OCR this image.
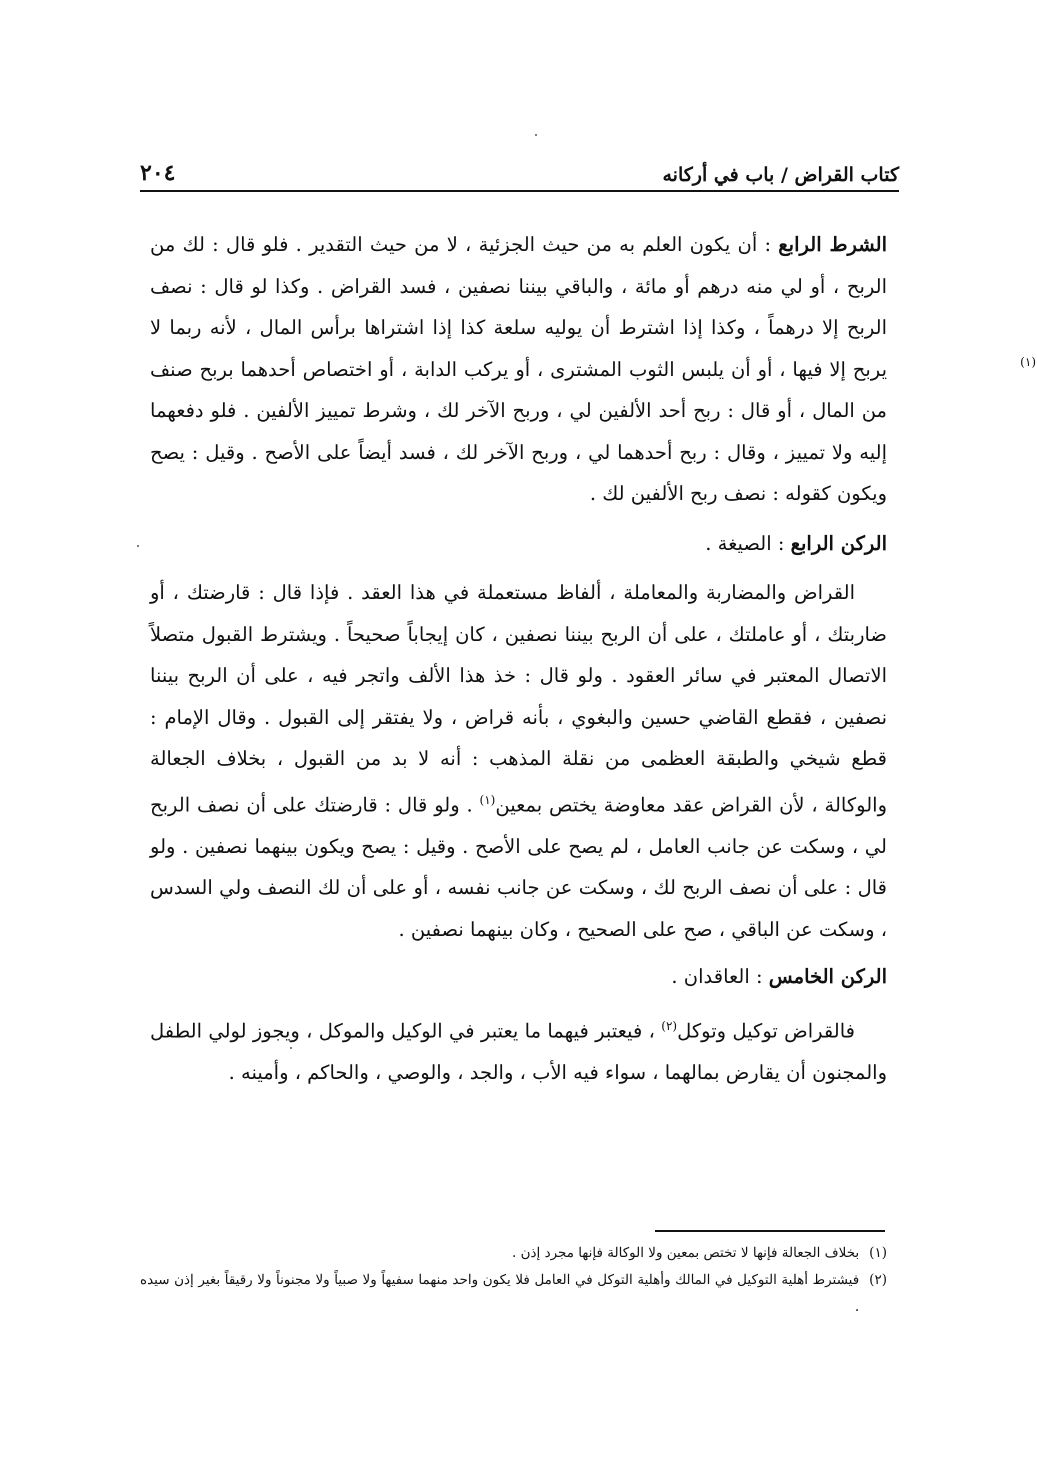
كتاب القراض / باب في أركانه
٢٠٤
(١)

الشرط الرابع : أن يكون العلم به من حيث الجزئية ، لا من حيث التقدير . فلو قال : لك من الربح ، أو لي منه درهم أو مائة ، والباقي بيننا نصفين ، فسد القراض . وكذا لو قال : نصف الربح إلا درهماً ، وكذا إذا اشترط أن يوليه سلعة كذا إذا اشتراها برأس المال ، لأنه ربما لا يربح إلا فيها ، أو أن يلبس الثوب المشترى ، أو يركب الدابة ، أو اختصاص أحدهما بربح صنف من المال ، أو قال : ربح أحد الألفين لي ، وربح الآخر لك ، وشرط تمييز الألفين . فلو دفعهما إليه ولا تمييز ، وقال : ربح أحدهما لي ، وربح الآخر لك ، فسد أيضاً على الأصح . وقيل : يصح ويكون كقوله : نصف ربح الألفين لك .

الركن الرابع : الصيغة .

القراض والمضاربة والمعاملة ، ألفاظ مستعملة في هذا العقد . فإذا قال : قارضتك ، أو ضاربتك ، أو عاملتك ، على أن الربح بيننا نصفين ، كان إيجاباً صحيحاً . ويشترط القبول متصلاً الاتصال المعتبر في سائر العقود . ولو قال : خذ هذا الألف واتجر فيه ، على أن الربح بيننا نصفين ، فقطع القاضي حسين والبغوي ، بأنه قراض ، ولا يفتقر إلى القبول . وقال الإمام : قطع شيخي والطبقة العظمى من نقلة المذهب : أنه لا بد من القبول ، بخلاف الجعالة والوكالة ، لأن القراض عقد معاوضة يختص بمعين$^{(١)}$ . ولو قال : قارضتك على أن نصف الربح لي ، وسكت عن جانب العامل ، لم يصح على الأصح . وقيل : يصح ويكون بينهما نصفين . ولو قال : على أن نصف الربح لك ، وسكت عن جانب نفسه ، أو على أن لك النصف ولي السدس ، وسكت عن الباقي ، صح على الصحيح ، وكان بينهما نصفين .

الركن الخامس : العاقدان .

فالقراض توكيل وتوكل$^{(٢)}$ ، فيعتبر فيهما ما يعتبر في الوكيل والموكل ، ويجوز لولي الطفل والمجنون أن يقارض بمالهما ، سواء فيه الأب ، والجد ، والوصي ، والحاكم ، وأمينه .

(١)
بخلاف الجعالة فإنها لا تختص بمعين ولا الوكالة فإنها مجرد إذن .
(٢)
فيشترط أهلية التوكيل في المالك وأهلية التوكل في العامل فلا يكون واحد منهما سفيهاً ولا صبياً ولا مجنوناً ولا رقيقاً بغير إذن سيده .
